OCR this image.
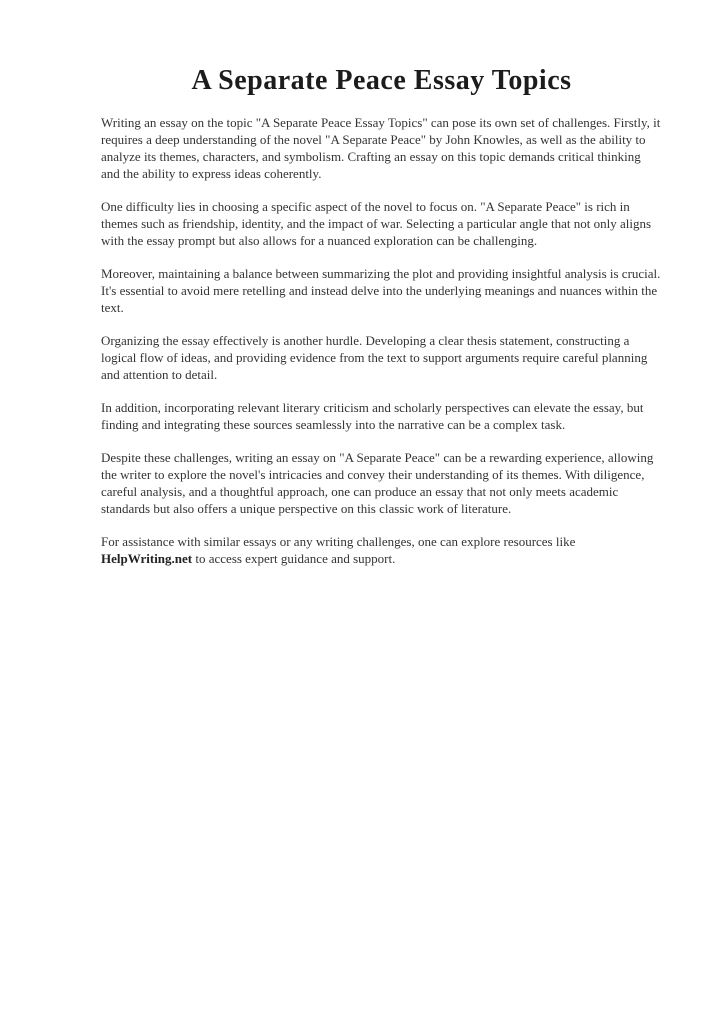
A Separate Peace Essay Topics

Writing an essay on the topic "A Separate Peace Essay Topics" can pose its own set of challenges. Firstly, it requires a deep understanding of the novel "A Separate Peace" by John Knowles, as well as the ability to analyze its themes, characters, and symbolism. Crafting an essay on this topic demands critical thinking and the ability to express ideas coherently.

One difficulty lies in choosing a specific aspect of the novel to focus on. "A Separate Peace" is rich in themes such as friendship, identity, and the impact of war. Selecting a particular angle that not only aligns with the essay prompt but also allows for a nuanced exploration can be challenging.

Moreover, maintaining a balance between summarizing the plot and providing insightful analysis is crucial. It's essential to avoid mere retelling and instead delve into the underlying meanings and nuances within the text.

Organizing the essay effectively is another hurdle. Developing a clear thesis statement, constructing a logical flow of ideas, and providing evidence from the text to support arguments require careful planning and attention to detail.

In addition, incorporating relevant literary criticism and scholarly perspectives can elevate the essay, but finding and integrating these sources seamlessly into the narrative can be a complex task.

Despite these challenges, writing an essay on "A Separate Peace" can be a rewarding experience, allowing the writer to explore the novel's intricacies and convey their understanding of its themes. With diligence, careful analysis, and a thoughtful approach, one can produce an essay that not only meets academic standards but also offers a unique perspective on this classic work of literature.

For assistance with similar essays or any writing challenges, one can explore resources like HelpWriting.net to access expert guidance and support.
